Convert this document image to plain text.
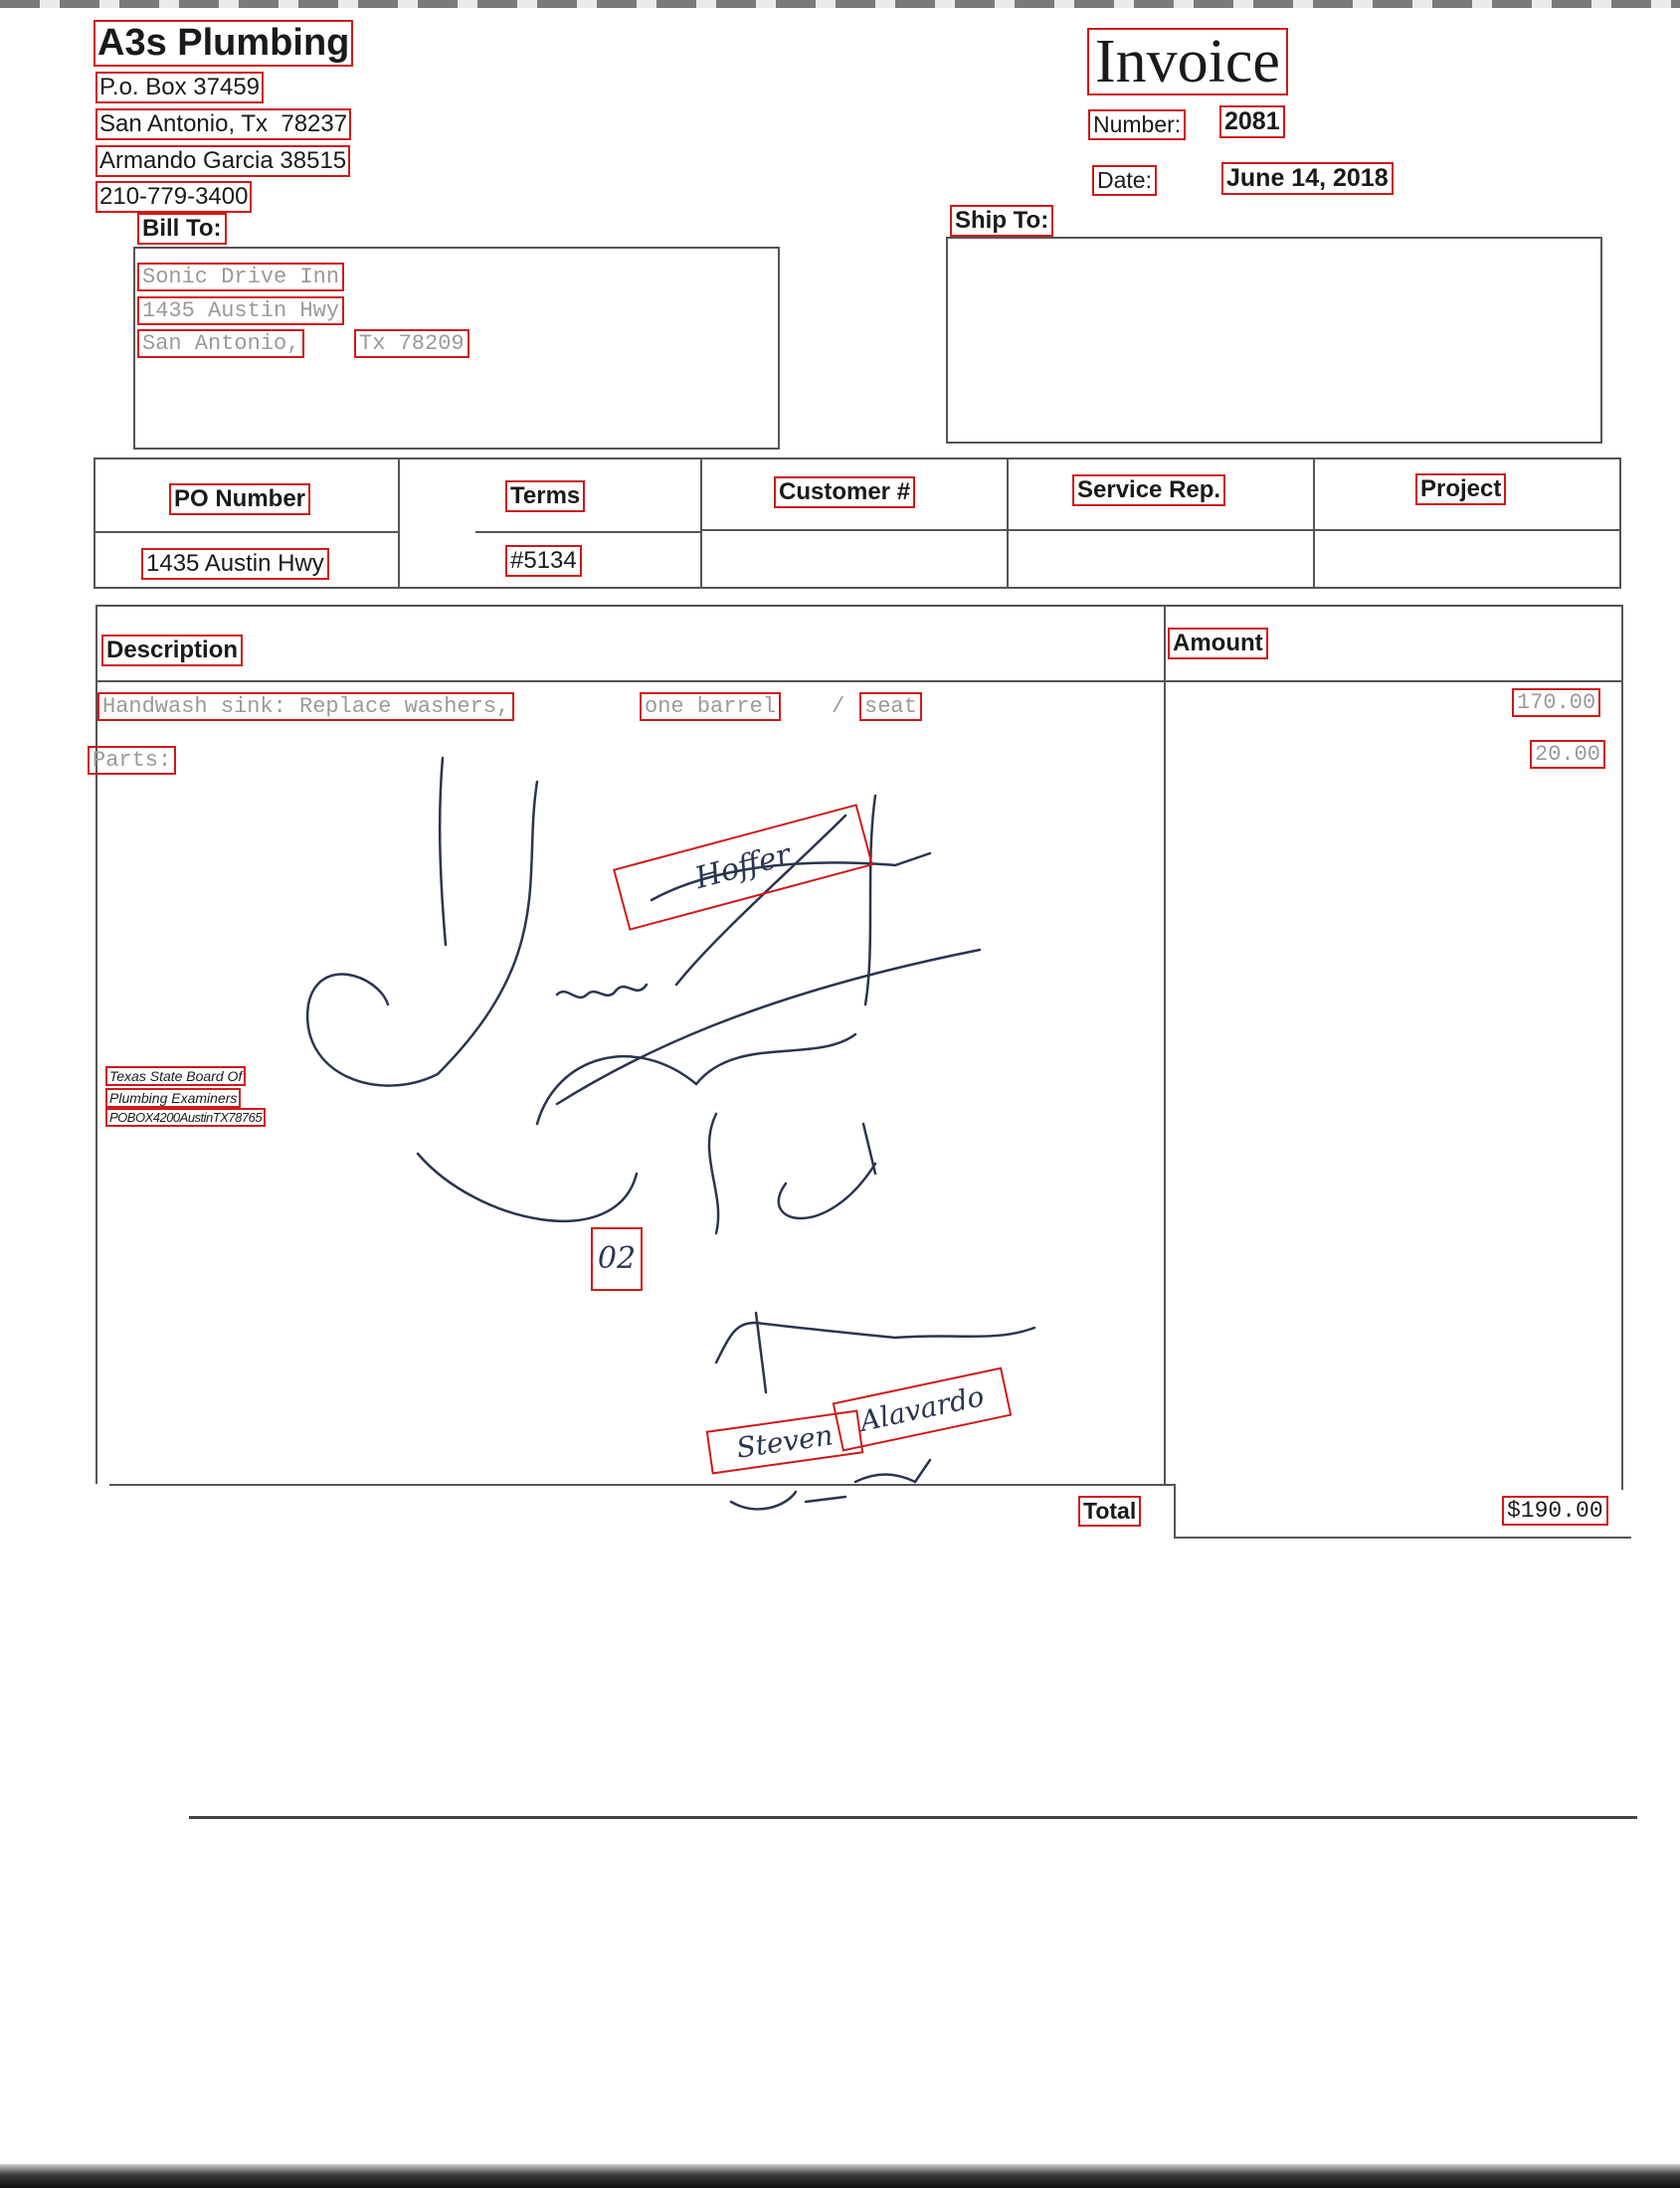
A3s Plumbing
P.o. Box 37459
San Antonio, Tx  78237
Armando Garcia 38515
210-779-3400
Invoice
Number: 2081
Date:	June 14, 2018
Bill To:
Sonic Drive Inn
1435 Austin Hwy
San Antonio,	Tx 78209
Ship To:
PO Number	Terms	Customer #	Service Rep.	Project
1435 Austin Hwy	#5134
Description	Amount
Handwash sink: Replace washers,	one barrel	/ seat	170.00
Parts:	20.00
Total	$190.00
Texas State Board Of
Plumbing Examiners
POBOX4200AustinTX78765
Hoffer
02
Steven
Alavardo
